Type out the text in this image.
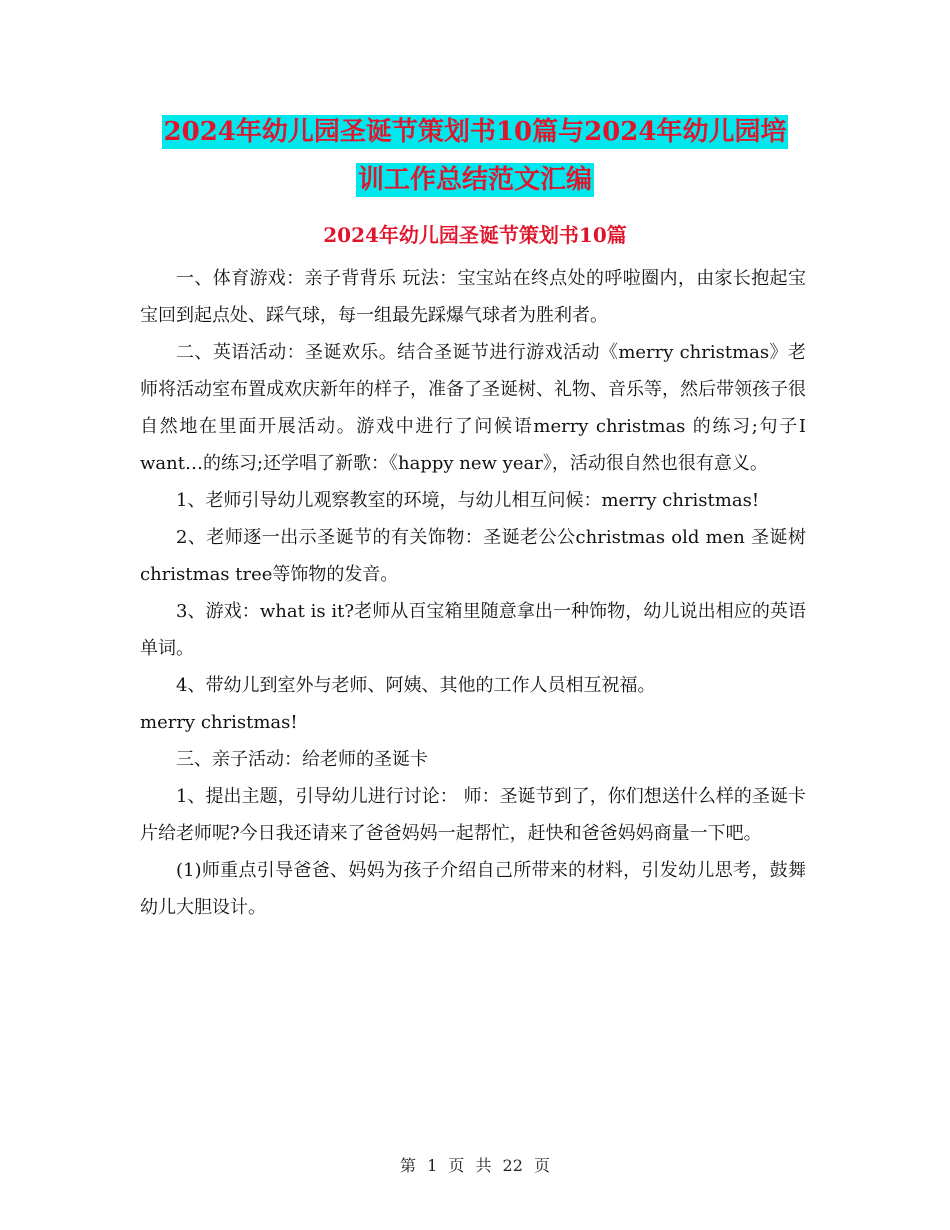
2024年幼儿园圣诞节策划书10篇与2024年幼儿园培
训工作总结范文汇编
2024年幼儿园圣诞节策划书10篇

一、体育游戏：亲子背背乐 玩法：宝宝站在终点处的呼啦圈内，由家长抱起宝宝回到起点处、踩气球，每一组最先踩爆气球者为胜利者。

二、英语活动：圣诞欢乐。结合圣诞节进行游戏活动《merry christmas》老师将活动室布置成欢庆新年的样子，准备了圣诞树、礼物、音乐等，然后带领孩子很自然地在里面开展活动。游戏中进行了问候语merry christmas 的练习;句子I want…的练习;还学唱了新歌：《happy new year》，活动很自然也很有意义。

1、老师引导幼儿观察教室的环境，与幼儿相互问候：merry christmas!

2、老师逐一出示圣诞节的有关饰物：圣诞老公公christmas old men 圣诞树christmas tree等饰物的发音。

3、游戏：what is it?老师从百宝箱里随意拿出一种饰物，幼儿说出相应的英语单词。

4、带幼儿到室外与老师、阿姨、其他的工作人员相互祝福。

merry christmas!

三、亲子活动：给老师的圣诞卡

1、提出主题，引导幼儿进行讨论： 师：圣诞节到了，你们想送什么样的圣诞卡片给老师呢?今日我还请来了爸爸妈妈一起帮忙，赶快和爸爸妈妈商量一下吧。

(1)师重点引导爸爸、妈妈为孩子介绍自己所带来的材料，引发幼儿思考，鼓舞幼儿大胆设计。

第 1 页 共 22 页
